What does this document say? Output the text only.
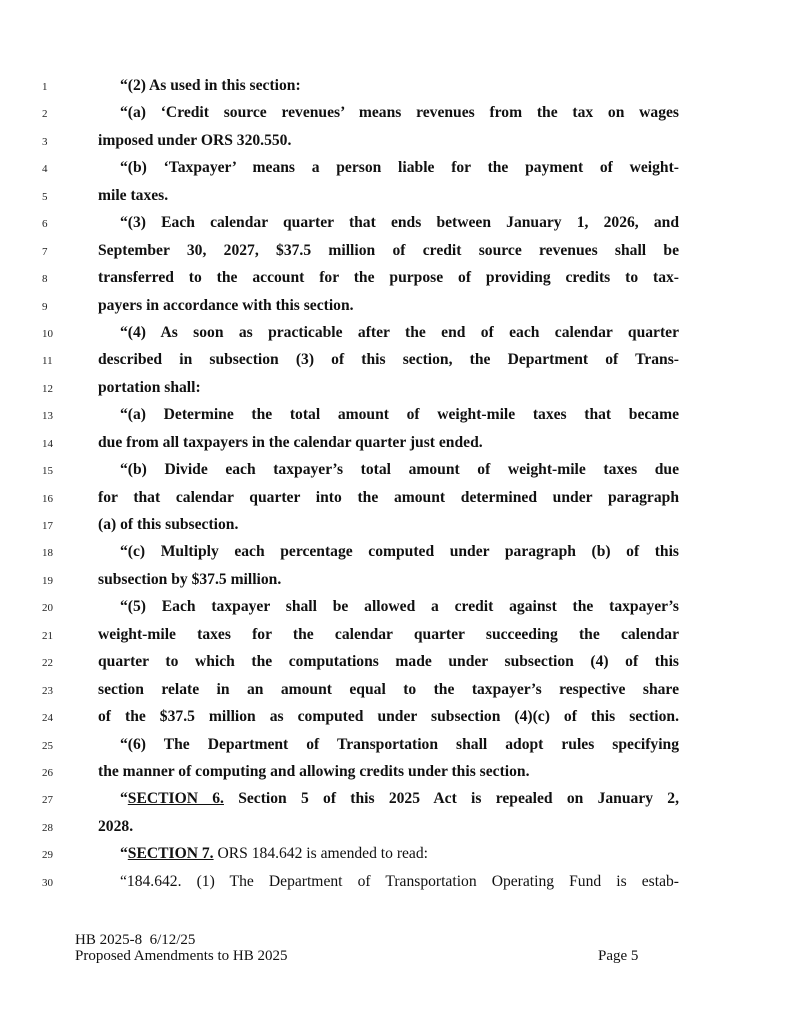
1	“(2) As used in this section:
2	“(a) ‘Credit source revenues’ means revenues from the tax on wages
3	imposed under ORS 320.550.
4	“(b) ‘Taxpayer’ means a person liable for the payment of weight-
5	mile taxes.
6	“(3) Each calendar quarter that ends between January 1, 2026, and
7	September 30, 2027, $37.5 million of credit source revenues shall be
8	transferred to the account for the purpose of providing credits to tax-
9	payers in accordance with this section.
10	“(4) As soon as practicable after the end of each calendar quarter
11	described in subsection (3) of this section, the Department of Trans-
12	portation shall:
13	“(a) Determine the total amount of weight-mile taxes that became
14	due from all taxpayers in the calendar quarter just ended.
15	“(b) Divide each taxpayer’s total amount of weight-mile taxes due
16	for that calendar quarter into the amount determined under paragraph
17	(a) of this subsection.
18	“(c) Multiply each percentage computed under paragraph (b) of this
19	subsection by $37.5 million.
20	“(5) Each taxpayer shall be allowed a credit against the taxpayer’s
21	weight-mile taxes for the calendar quarter succeeding the calendar
22	quarter to which the computations made under subsection (4) of this
23	section relate in an amount equal to the taxpayer’s respective share
24	of the $37.5 million as computed under subsection (4)(c) of this section.
25	“(6) The Department of Transportation shall adopt rules specifying
26	the manner of computing and allowing credits under this section.
27	“SECTION 6. Section 5 of this 2025 Act is repealed on January 2,
28	2028.
29	“SECTION 7. ORS 184.642 is amended to read:
30	“184.642. (1) The Department of Transportation Operating Fund is estab-
HB 2025-8 6/12/25
Proposed Amendments to HB 2025	Page 5
